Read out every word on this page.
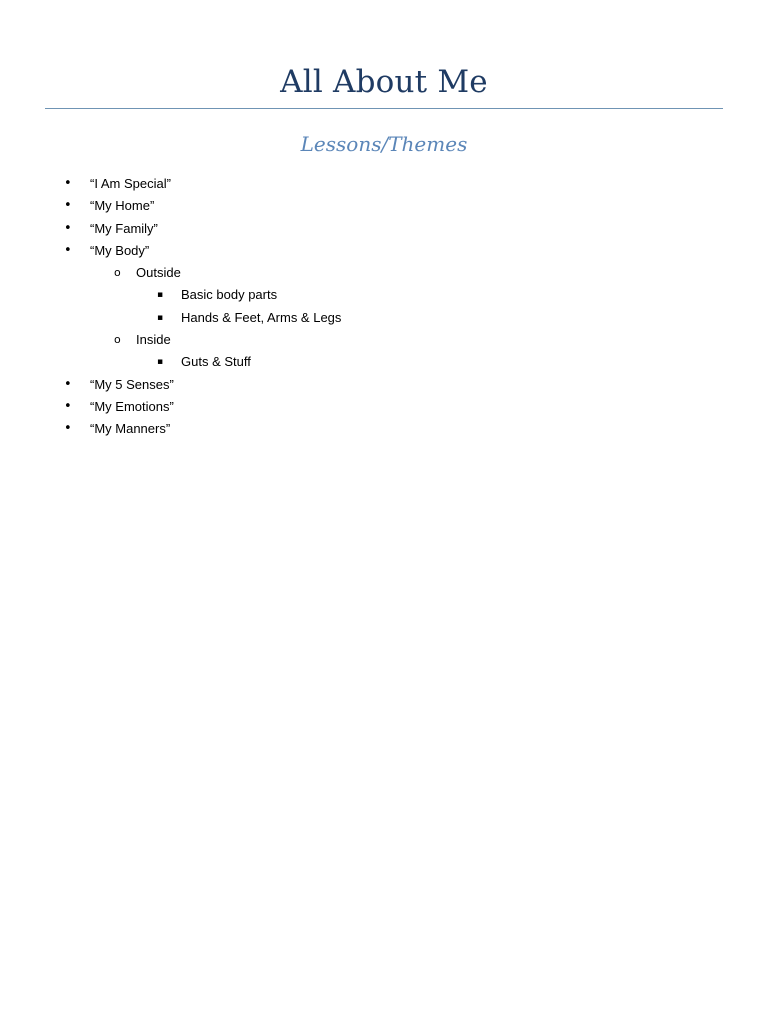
All About Me
Lessons/Themes
• “I Am Special”
• “My Home”
• “My Family”
• “My Body”
o Outside
▪ Basic body parts
▪ Hands & Feet, Arms & Legs
o Inside
▪ Guts & Stuff
• “My 5 Senses”
• “My Emotions”
• “My Manners”
